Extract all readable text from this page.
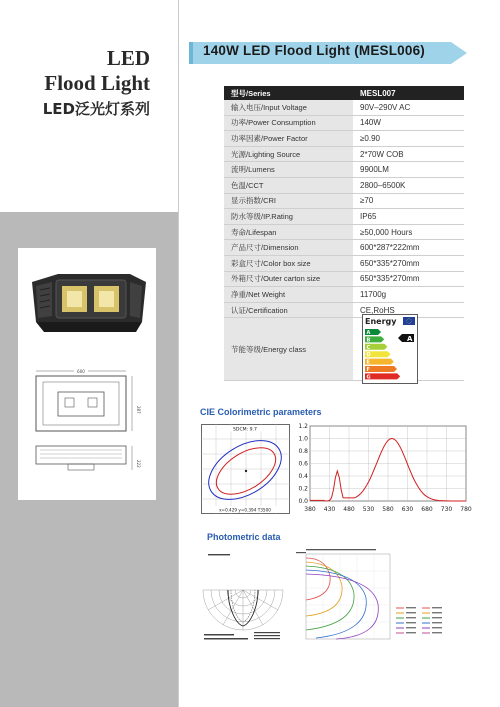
LED
Flood Light
LED泛光灯系列
600
287
222
140W LED Flood Light (MESL006)
型号/Series	MESL007
输入电压/Input Voltage	90V–290V AC
功率/Power Consumption	140W
功率因素/Power Factor	≥0.90
光源/Lighting Source	2*70W COB
流明/Lumens	9900LM
色温/CCT	2800–6500K
显示指数/CRI	≥70
防水等级/IP.Rating	IP65
寿命/Lifespan	≥50,000 Hours
产品尺寸/Dimension	600*287*222mm
彩盒尺寸/Color box size	650*335*270mm
外箱尺寸/Outer carton size	650*335*270mm
净重/Net Weight	11700g
认证/Certification	CE,RoHS
节能等级/Energy class	
Energy
A
B
C
D
E
F
G
A
CIE Colorimetric parameters
SDCM: 9.7
x=0.429 y=0.394 T3500
1.2
1.0
0.8
0.6
0.4
0.2
0.0
380 430 480 530 580 630 680 730 780
Photometric data
